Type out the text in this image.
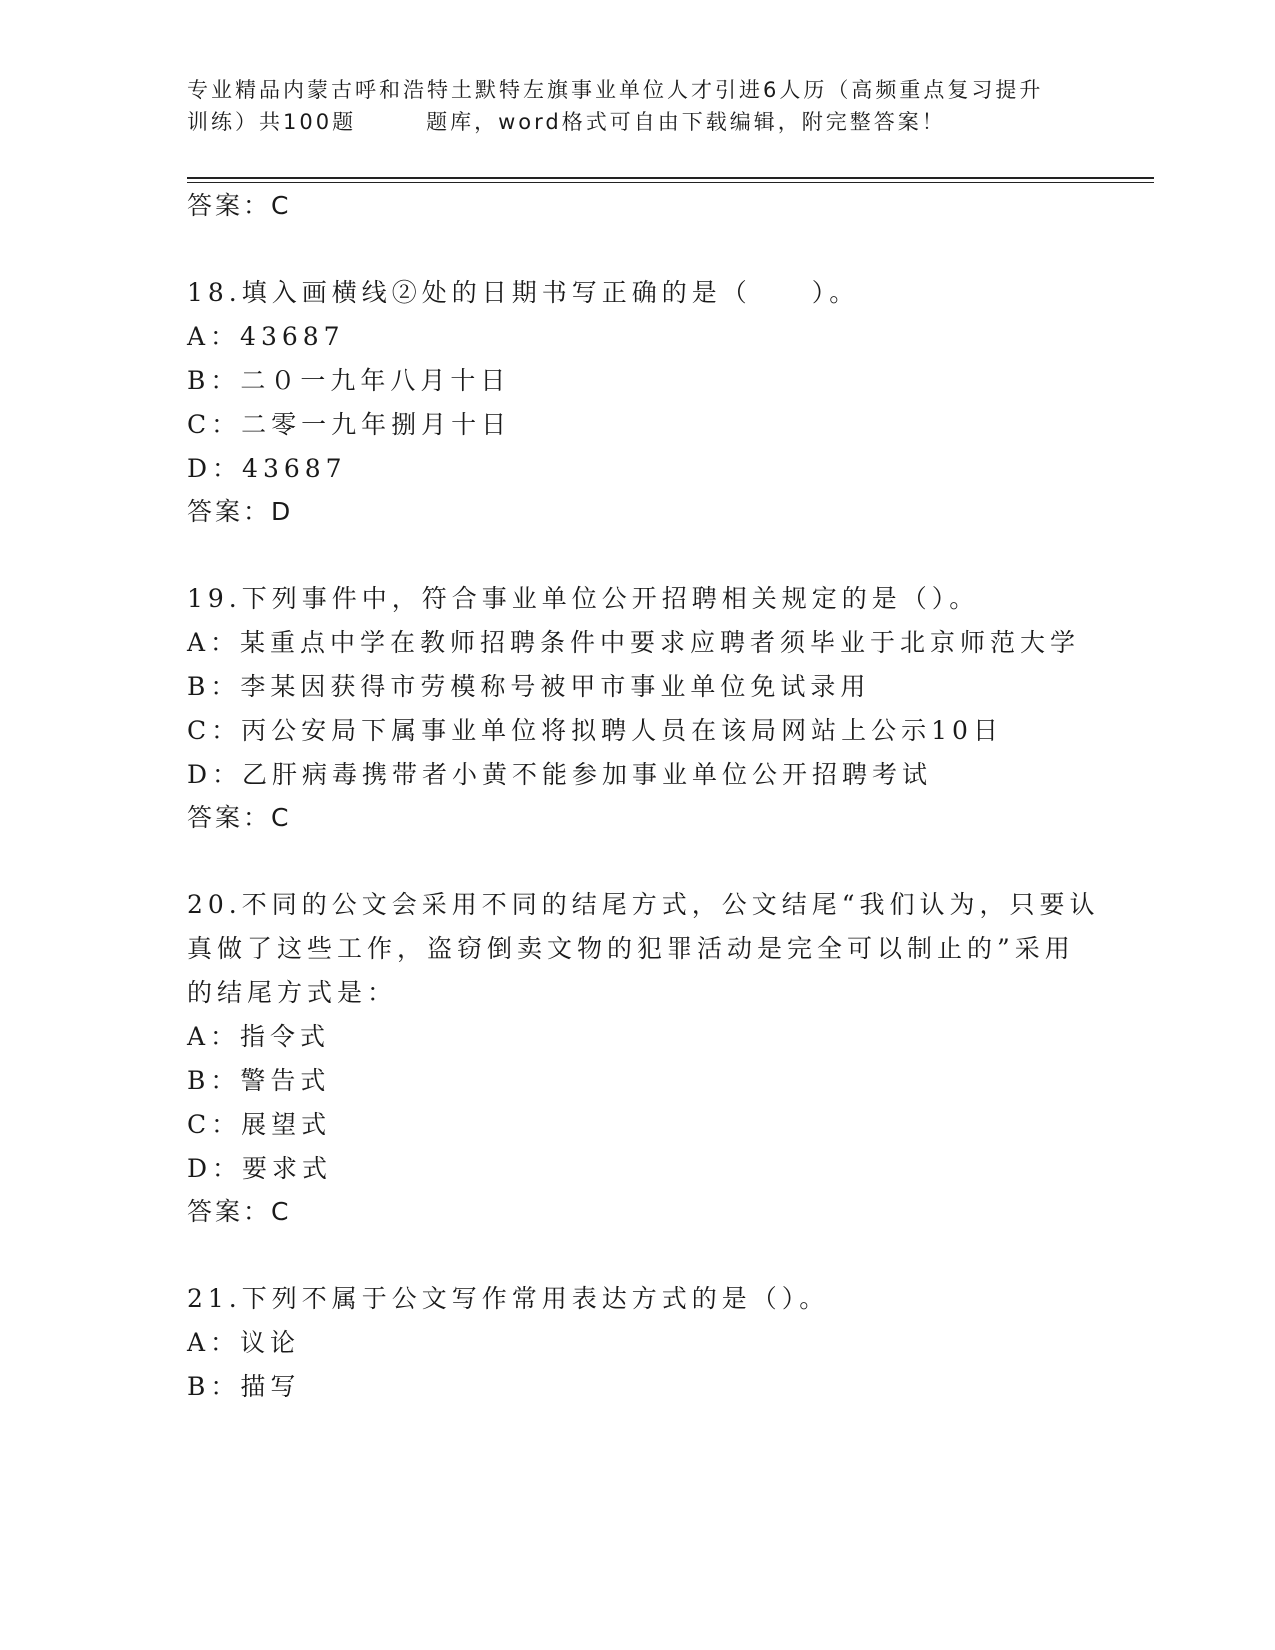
专业精品内蒙古呼和浩特土默特左旗事业单位人才引进6人历（高频重点复习提升
训练）共100题	题库，word格式可自由下载编辑，附完整答案！
答案：C
18.填入画横线②处的日期书写正确的是（　　）。
A：43687
B：二０一九年八月十日
C：二零一九年捌月十日
D：43687
答案：D
19.下列事件中，符合事业单位公开招聘相关规定的是（）。
A：某重点中学在教师招聘条件中要求应聘者须毕业于北京师范大学
B：李某因获得市劳模称号被甲市事业单位免试录用
C：丙公安局下属事业单位将拟聘人员在该局网站上公示10日
D：乙肝病毒携带者小黄不能参加事业单位公开招聘考试
答案：C
20.不同的公文会采用不同的结尾方式，公文结尾“我们认为，只要认
真做了这些工作，盗窃倒卖文物的犯罪活动是完全可以制止的”采用
的结尾方式是：
A：指令式
B：警告式
C：展望式
D：要求式
答案：C
21.下列不属于公文写作常用表达方式的是（）。
A：议论
B：描写
